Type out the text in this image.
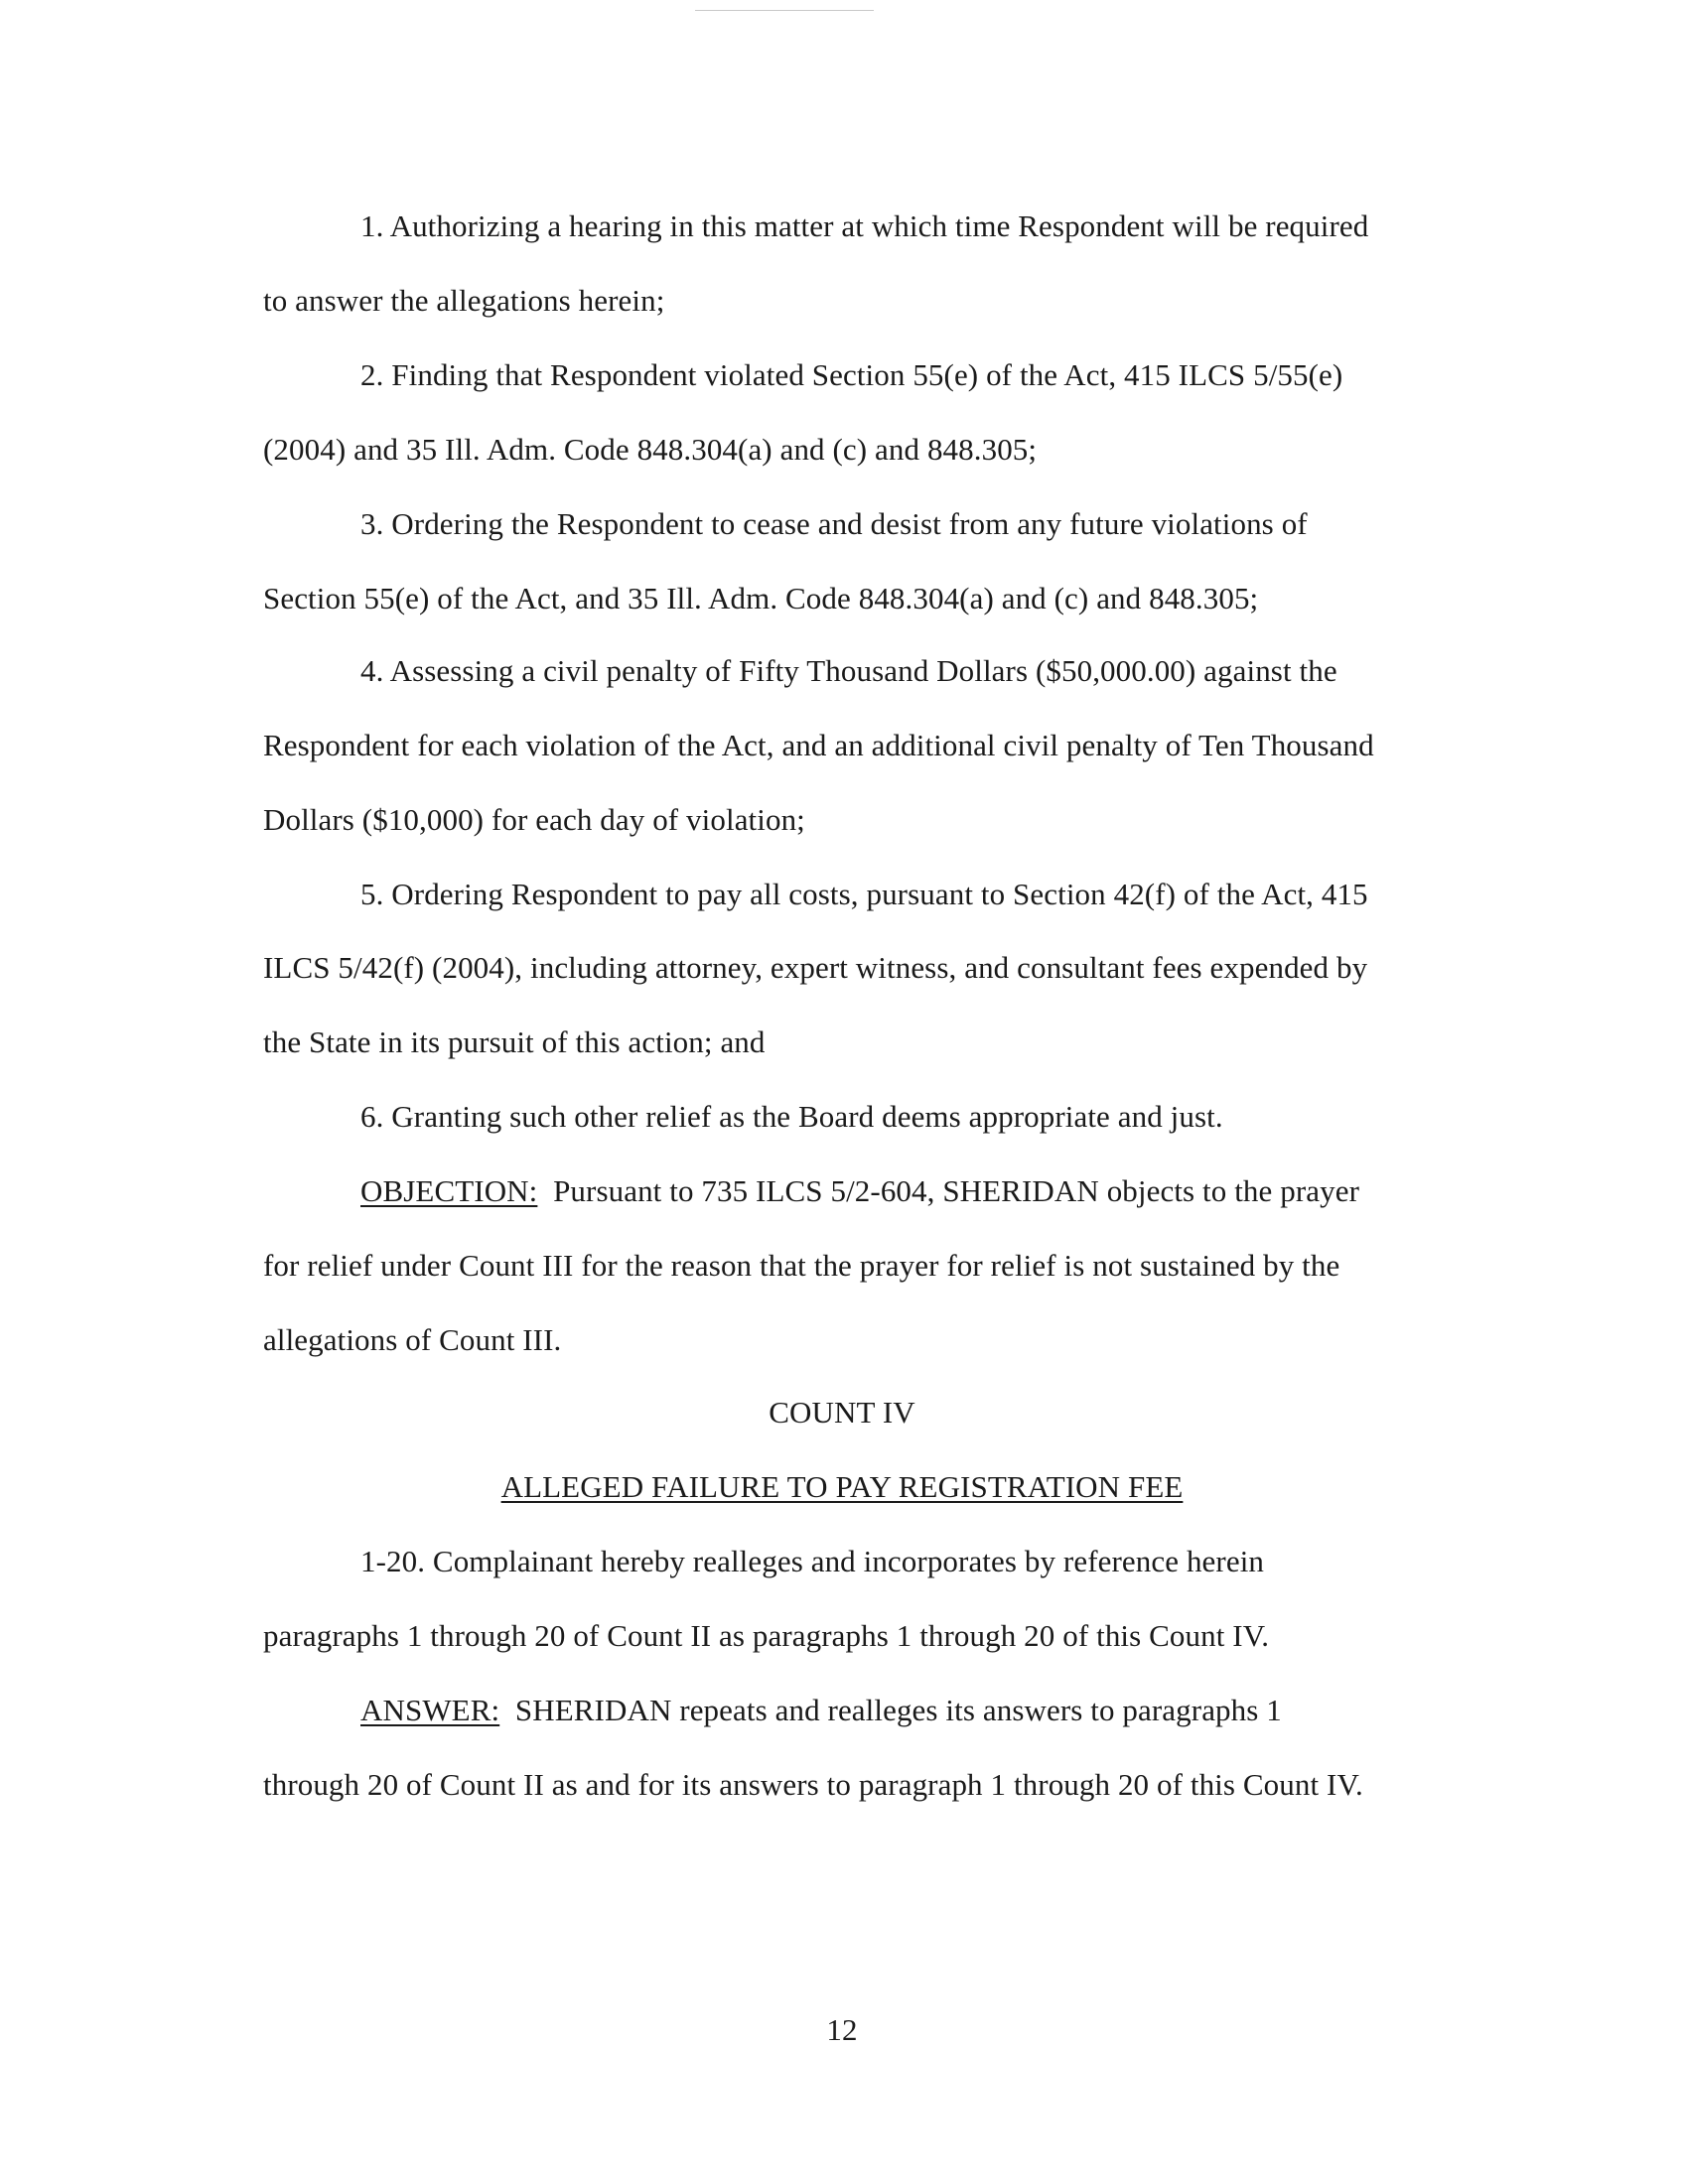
1. Authorizing a hearing in this matter at which time Respondent will be required
to answer the allegations herein;
2. Finding that Respondent violated Section 55(e) of the Act, 415 ILCS 5/55(e)
(2004) and 35 Ill. Adm. Code 848.304(a) and (c) and 848.305;
3. Ordering the Respondent to cease and desist from any future violations of
Section 55(e) of the Act, and 35 Ill. Adm. Code 848.304(a) and (c) and 848.305;
4. Assessing a civil penalty of Fifty Thousand Dollars ($50,000.00) against the
Respondent for each violation of the Act, and an additional civil penalty of Ten Thousand
Dollars ($10,000) for each day of violation;
5. Ordering Respondent to pay all costs, pursuant to Section 42(f) of the Act, 415
ILCS 5/42(f) (2004), including attorney, expert witness, and consultant fees expended by
the State in its pursuit of this action; and
6. Granting such other relief as the Board deems appropriate and just.
OBJECTION:  Pursuant to 735 ILCS 5/2-604, SHERIDAN objects to the prayer
for relief under Count III for the reason that the prayer for relief is not sustained by the
allegations of Count III.
COUNT IV
ALLEGED FAILURE TO PAY REGISTRATION FEE
1-20. Complainant hereby realleges and incorporates by reference herein
paragraphs 1 through 20 of Count II as paragraphs 1 through 20 of this Count IV.
ANSWER:  SHERIDAN repeats and realleges its answers to paragraphs 1
through 20 of Count II as and for its answers to paragraph 1 through 20 of this Count IV.
12
